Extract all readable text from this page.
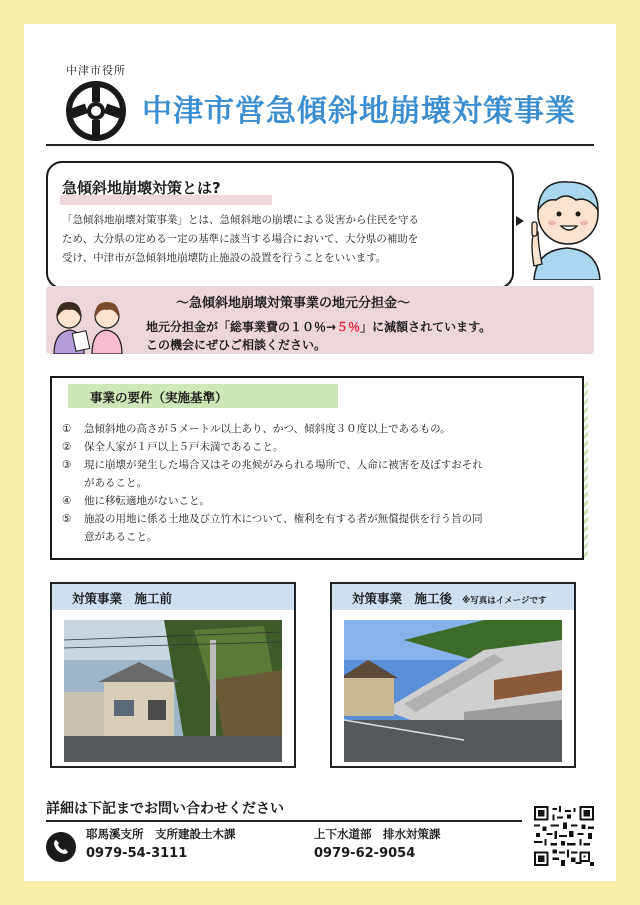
中津市役所
中津市営急傾斜地崩壊対策事業
急傾斜地崩壊対策とは?
「急傾斜地崩壊対策事業」とは、急傾斜地の崩壊による災害から住民を守る
ため、大分県の定める一定の基準に該当する場合において、大分県の補助を
受け、中津市が急傾斜地崩壊防止施設の設置を行うことをいいます。
〜急傾斜地崩壊対策事業の地元分担金〜
地元分担金が「総事業費の１０％→５％」に減額されています。
この機会にぜひご相談ください。
事業の要件（実施基準）
①	急傾斜地の高さが５メートル以上あり、かつ、傾斜度３０度以上であるもの。
②	保全人家が１戸以上５戸未満であること。
③	現に崩壊が発生した場合又はその兆候がみられる場所で、人命に被害を及ぼすおそれ
があること。
④	他に移転適地がないこと。
⑤	施設の用地に係る土地及び立竹木について、権利を有する者が無償提供を行う旨の同
意があること。
対策事業　施工前	対策事業　施工後 ※写真はイメージです
詳細は下記までお問い合わせください
耶馬溪支所　支所建設土木課
0979-54-3111
上下水道部　排水対策課
0979-62-9054
